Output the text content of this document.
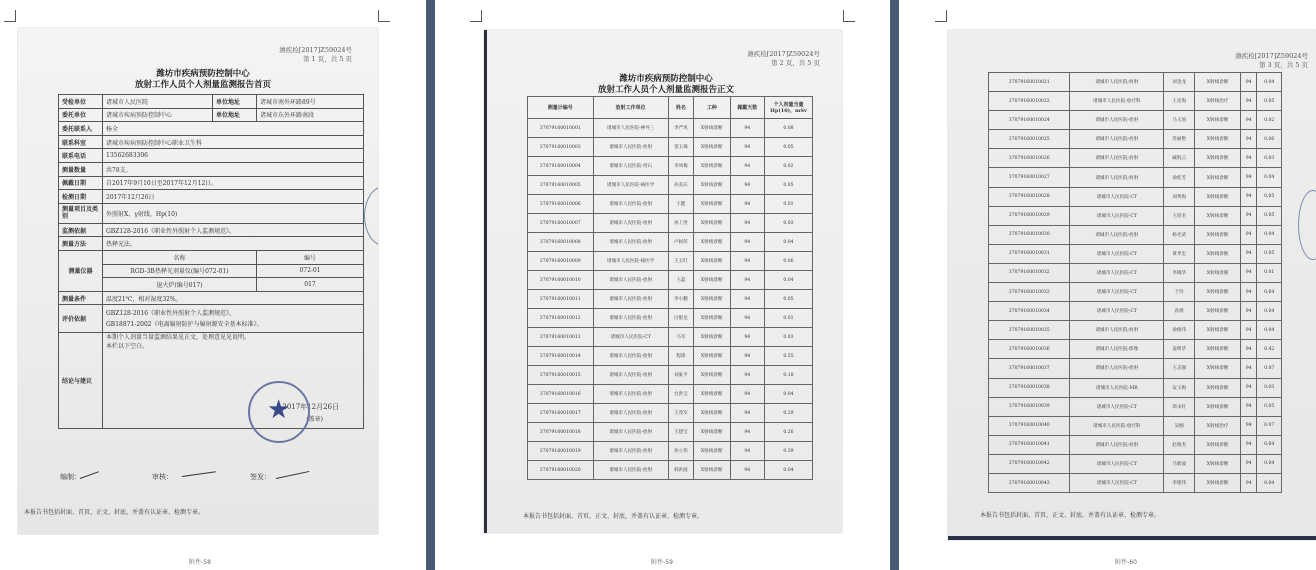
潍疾检[2017]Z59024号
第 1 页，共 5 页
潍坊市疾病预防控制中心
放射工作人员个人剂量监测报告首页
受检单位	诸城市人民医院	单位地址	诸城市南外环路89号
委托单位	诸城市疾病预防控制中心	单位地址	诸城市东外环路南段
委托联系人	杨全		
联系科室	诸城市疾病预防控制中心职业卫生科		
联系电话	13562683306		
测量数量	共78支。		
佩戴日期	自2017年9月10日至2017年12月12日。		
检测日期	2017年12月26日		
测量项目及类别	外照射X、γ射线，Hp(10)		
监测依据	GBZ128-2016《职业性外照射个人监测规范》。		
测量方法	热释光法。		
测量仪器	名称		编号
	RGD-3B热释光剂量仪(编号072-01)		072-01
	退火炉(编号017)		017
测量条件	温度21℃，相对湿度32%。		
评价依据	GBZ128-2016《职业性外照射个人监测规范》，
GB18871-2002《电离辐射防护与辐射源安全基本标准》。		

结论与建议	本期个人剂量当量监测结果见正文，处理意见见说明。
本栏以下空白。
2017年12月26日
(盖章)		
★
编制：	审核：	签发：
本报告书包括封面、首页、正文、封底，并盖有认证章、检测专章。
附件-58
潍疾检[2017]Z59024号
第 2 页，共 5 页
潍坊市疾病预防控制中心
放射工作人员个人剂量监测报告正文
测量计编号	放射工作单位	姓名	工种	佩戴天数	个人剂量当量 Hp(10)，mSv
37079160010001	诸城市人民医院-神外三	李严风	X射线诊断	94	0.08
37079160010003	诸城市人民医院-放射	窦玉珠	X射线诊断	94	0.05
37079160010004	诸城市人民医院-肾石	李凤梅	X射线诊断	94	0.02
37079160010005	诸城市人民医院-核医学	孙美庆	X射线诊断	94	0.05
37079160010006	诸城市人民医院-放射	王健	X射线诊断	94	0.01
37079160010007	诸城市人民医院-放射	孙上进	X射线诊断	94	0.03
37079160010008	诸城市人民医院-放射	卢树萍	X射线诊断	94	0.04
37079160010009	诸城市人民医院-核医学	王玉红	X射线诊断	94	0.06
37079160010010	诸城市人民医院-放射	王磊	X射线诊断	94	0.04
37079160010011	诸城市人民医院-放射	李小鹏	X射线诊断	94	0.05
37079160010012	诸城市人民医院-放射	白银龙	X射线诊断	94	0.01
37079160010013	诸城市人民医院-CT	马军	X射线诊断	94	0.03
37079160010014	诸城市人民医院-放射	程锋	X射线诊断	94	0.55
37079160010015	诸城市人民医院-放射	刘東平	X射线诊断	94	0.18
37079160010016	诸城市人民医院-放射	台洪宝	X射线诊断	94	0.04
37079160010017	诸城市人民医院-放射	王茂军	X射线诊断	94	0.29
37079160010018	诸城市人民医院-放射	王建宝	X射线诊断	94	0.26
37079160010019	诸城市人民医院-放射	孙立伟	X射线诊断	94	0.39
37079160010020	诸城市人民医院-放射	韩洪波	X射线诊断	94	0.04
本报告书包括封面、首页、正文、封底，并盖有认证章、检测专章。
附件-59
潍疾检[2017]Z59024号
第 3 页，共 5 页
37079160010021	诸城市人民医院-放射	刘金龙	X射线诊断	94	0.04
37079160010022	诸城市人民医院-放疗科	王克海	X射线治疗	94	0.05
37079160010024	诸城市人民医院-放射	马玉国	X射线诊断	94	0.02
37079160010025	诸城市人民医院-放射	苏丽艳	X射线诊断	94	0.06
37079160010026	诸城市人民医院-放射	臧海云	X射线诊断	94	0.03
37079160010027	诸城市人民医院-放射	徐桂芳	X射线诊断	94	0.04
37079160010028	诸城市人民医院-CT	刘秀海	X射线诊断	94	0.05
37079160010029	诸城市人民医院-CT	王厚名	X射线诊断	94	0.05
37079160010030	诸城市人民医院-放射	杨光武	X射线诊断	94	0.04
37079160010031	诸城市人民医院-CT	黄孝忠	X射线诊断	94	0.05
37079160010032	诸城市人民医院-CT	李晓华	X射线诊断	94	0.01
37079160010033	诸城市人民医院-CT	于玲	X射线诊断	94	0.04
37079160010034	诸城市人民医院-CT	孙倩	X射线诊断	94	0.04
37079160010035	诸城市人民医院-放射	徐俊伟	X射线诊断	94	0.04
37079160010036	诸城市人民医院-影像	姜明华	X射线诊断	94	0.42
37079160010037	诸城市人民医院-放射	王志强	X射线诊断	94	0.07
37079160010038	诸城市人民医院-MR	安玉梅	X射线诊断	94	0.03
37079160010039	诸城市人民医院-CT	周永红	X射线诊断	94	0.05
37079160010040	诸城市人民医院-放疗科	吴刚	X射线治疗	94	0.07
37079160010041	诸城市人民医院-放射	赵俊杰	X射线诊断	94	0.04
37079160010042	诸城市人民医院-CT	马新波	X射线诊断	94	0.04
37079160010043	诸城市人民医院-CT	李建伟	X射线诊断	94	0.04
本报告书包括封面、首页、正文、封底，并盖有认证章、检测专章。
附件-60
